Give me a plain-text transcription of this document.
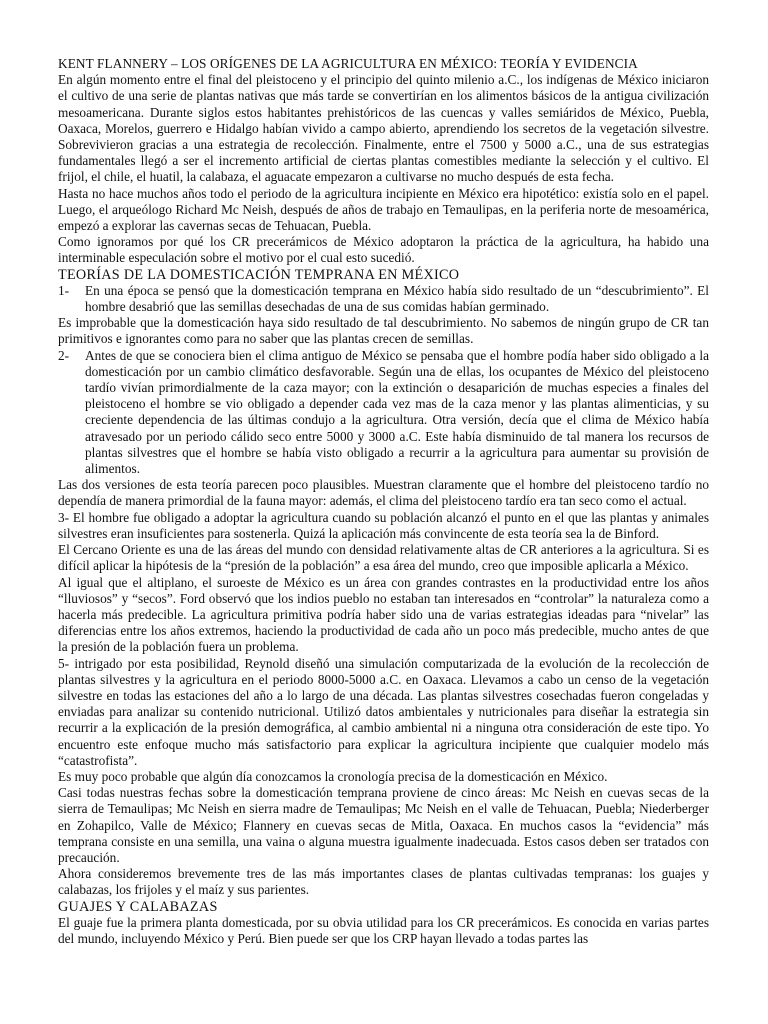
KENT FLANNERY – LOS ORÍGENES DE LA AGRICULTURA EN MÉXICO: TEORÍA Y EVIDENCIA

En algún momento entre el final del pleistoceno y el principio del quinto milenio a.C., los indígenas de México iniciaron el cultivo de una serie de plantas nativas que más tarde se convertirían en los alimentos básicos de la antigua civilización mesoamericana. Durante siglos estos habitantes prehistóricos de las cuencas y valles semiáridos de México, Puebla, Oaxaca, Morelos, guerrero e Hidalgo habían vivido a campo abierto, aprendiendo los secretos de la vegetación silvestre. Sobrevivieron gracias a una estrategia de recolección. Finalmente, entre el 7500 y 5000 a.C., una de sus estrategias fundamentales llegó a ser el incremento artificial de ciertas plantas comestibles mediante la selección y el cultivo. El frijol, el chile, el huatil, la calabaza, el aguacate empezaron a cultivarse no mucho después de esta fecha.

Hasta no hace muchos años todo el periodo de la agricultura incipiente en México era hipotético: existía solo en el papel. Luego, el arqueólogo Richard Mc Neish, después de años de trabajo en Temaulipas, en la periferia norte de mesoamérica, empezó a explorar las cavernas secas de Tehuacan, Puebla.

Como ignoramos por qué los CR precerámicos de México adoptaron la práctica de la agricultura, ha habido una interminable especulación sobre el motivo por el cual esto sucedió.

TEORÍAS DE LA DOMESTICACIÓN TEMPRANA EN MÉXICO

1- En una época se pensó que la domesticación temprana en México había sido resultado de un “descubrimiento”. El hombre desabrió que las semillas desechadas de una de sus comidas habían germinado.

Es improbable que la domesticación haya sido resultado de tal descubrimiento. No sabemos de ningún grupo de CR tan primitivos e ignorantes como para no saber que las plantas crecen de semillas.

2- Antes de que se conociera bien el clima antiguo de México se pensaba que el hombre podía haber sido obligado a la domesticación por un cambio climático desfavorable. Según una de ellas, los ocupantes de México del pleistoceno tardío vivían primordialmente de la caza mayor; con la extinción o desaparición de muchas especies a finales del pleistoceno el hombre se vio obligado a depender cada vez mas de la caza menor y las plantas alimenticias, y su creciente dependencia de las últimas condujo a la agricultura. Otra versión, decía que el clima de México había atravesado por un periodo cálido seco entre 5000 y 3000 a.C. Este había disminuido de tal manera los recursos de plantas silvestres que el hombre se había visto obligado a recurrir a la agricultura para aumentar su provisión de alimentos.

Las dos versiones de esta teoría parecen poco plausibles. Muestran claramente que el hombre del pleistoceno tardío no dependía de manera primordial de la fauna mayor: además, el clima del pleistoceno tardío era tan seco como el actual.

3- El hombre fue obligado a adoptar la agricultura cuando su población alcanzó el punto en el que las plantas y animales silvestres eran insuficientes para sostenerla. Quizá la aplicación más convincente de esta teoría sea la de Binford.

El Cercano Oriente es una de las áreas del mundo con densidad relativamente altas de CR anteriores a la agricultura. Si es difícil aplicar la hipótesis de la “presión de la población” a esa área del mundo, creo que imposible aplicarla a México.

Al igual que el altiplano, el suroeste de México es un área con grandes contrastes en la productividad entre los años “lluviosos” y “secos”. Ford observó que los indios pueblo no estaban tan interesados en “controlar” la naturaleza como a hacerla más predecible. La agricultura primitiva podría haber sido una de varias estrategias ideadas para “nivelar” las diferencias entre los años extremos, haciendo la productividad de cada año un poco más predecible, mucho antes de que la presión de la población fuera un problema.

5- intrigado por esta posibilidad, Reynold diseñó una simulación computarizada de la evolución de la recolección de plantas silvestres y la agricultura en el periodo 8000-5000 a.C. en Oaxaca. Llevamos a cabo un censo de la vegetación silvestre en todas las estaciones del año a lo largo de una década. Las plantas silvestres cosechadas fueron congeladas y enviadas para analizar su contenido nutricional. Utilizó datos ambientales y nutricionales para diseñar la estrategia sin recurrir a la explicación de la presión demográfica, al cambio ambiental ni a ninguna otra consideración de este tipo. Yo encuentro este enfoque mucho más satisfactorio para explicar la agricultura incipiente que cualquier modelo más “catastrofista”.

Es muy poco probable que algún día conozcamos la cronología precisa de la domesticación en México.

Casi todas nuestras fechas sobre la domesticación temprana proviene de cinco áreas: Mc Neish en cuevas secas de la sierra de Temaulipas; Mc Neish en sierra madre de Temaulipas; Mc Neish en el valle de Tehuacan, Puebla; Niederberger en Zohapilco, Valle de México; Flannery en cuevas secas de Mitla, Oaxaca. En muchos casos la “evidencia” más temprana consiste en una semilla, una vaina o alguna muestra igualmente inadecuada. Estos casos deben ser tratados con precaución.

Ahora consideremos brevemente tres de las más importantes clases de plantas cultivadas tempranas: los guajes y calabazas, los frijoles y el maíz y sus parientes.

GUAJES Y CALABAZAS

El guaje fue la primera planta domesticada, por su obvia utilidad para los CR precerámicos. Es conocida en varias partes del mundo, incluyendo México y Perú. Bien puede ser que los CRP hayan llevado a todas partes las
